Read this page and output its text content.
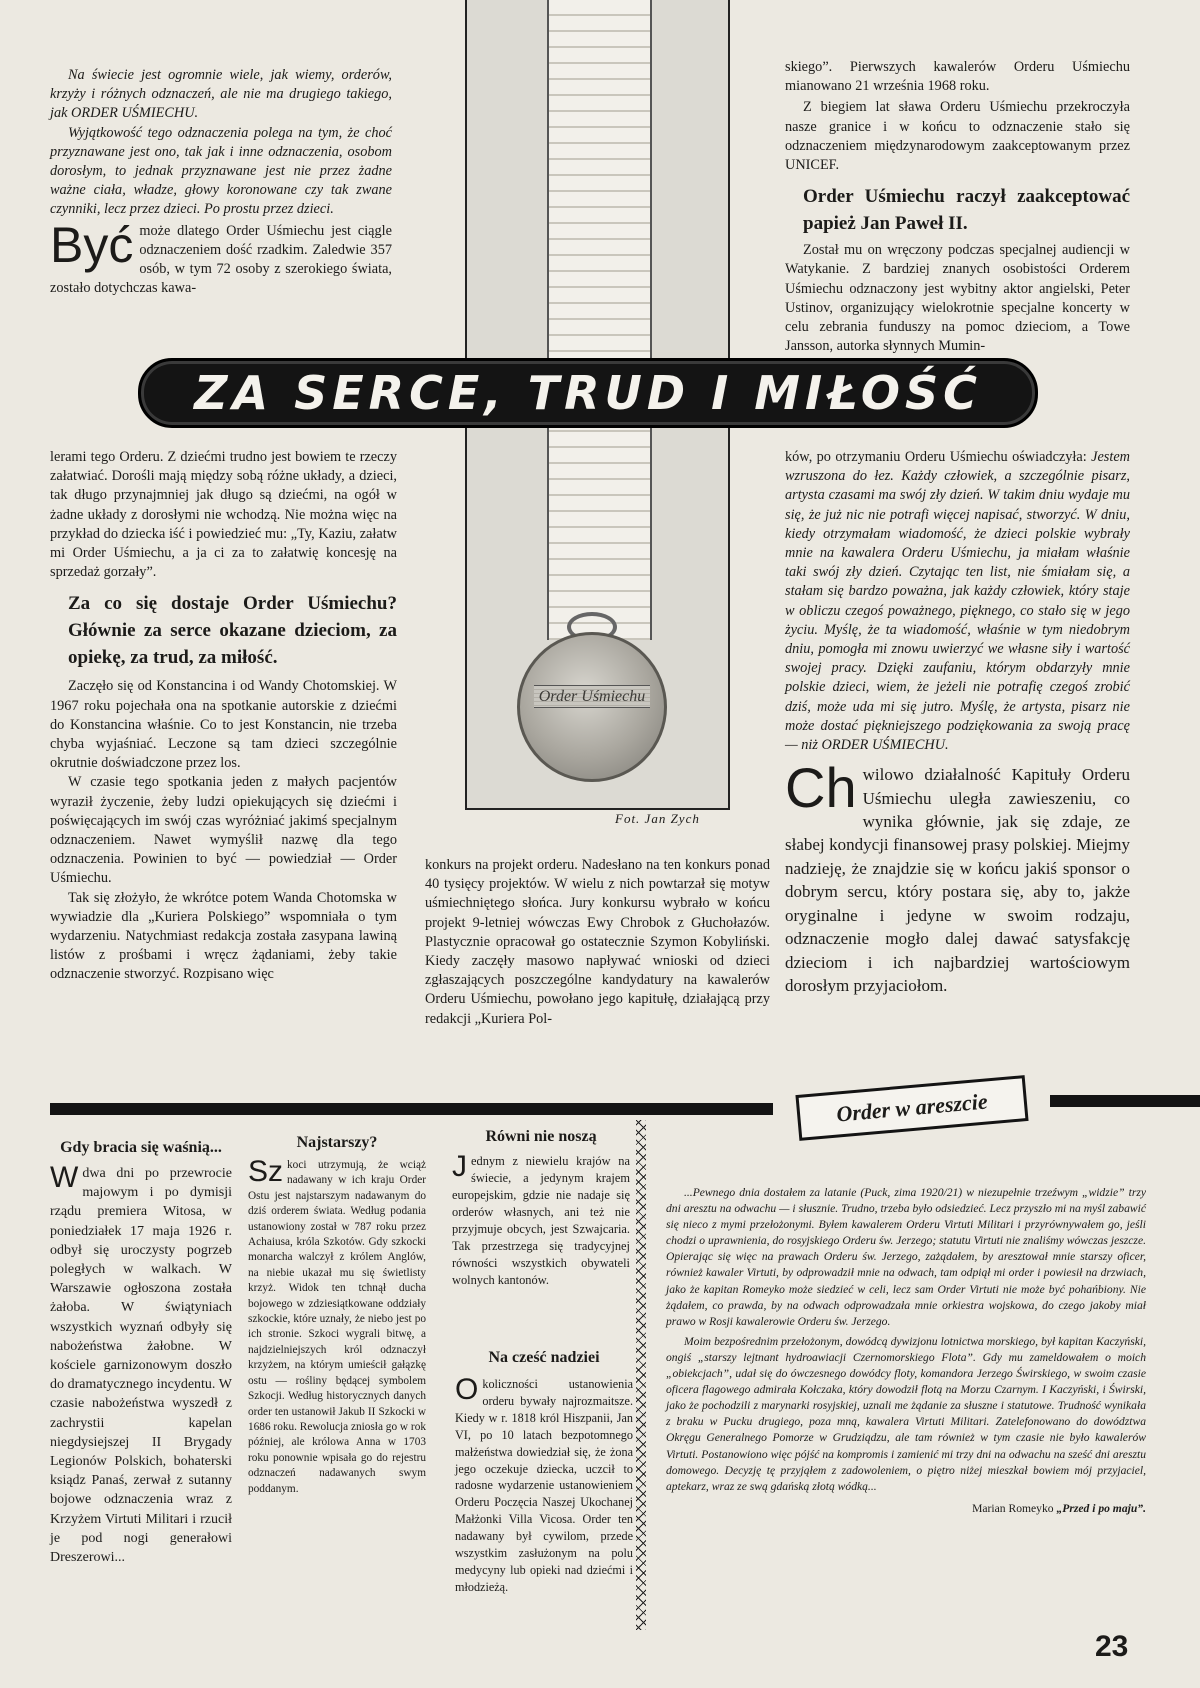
Na świecie jest ogromnie wiele, jak wiemy, orderów, krzyży i różnych odznaczeń, ale nie ma drugiego takiego, jak ORDER UŚMIECHU.

Wyjątkowość tego odznaczenia polega na tym, że choć przyznawane jest ono, tak jak i inne odznaczenia, osobom dorosłym, to jednak przyznawane jest nie przez żadne ważne ciała, władze, głowy koronowane czy tak zwane czynniki, lecz przez dzieci. Po prostu przez dzieci.

Być może dlatego Order Uśmiechu jest ciągle odznaczeniem dość rzadkim. Zaledwie 357 osób, w tym 72 osoby z szerokiego świata, zostało dotychczas kawa-

Order Uśmiechu
Fot. Jan Zych

skiego”. Pierwszych kawalerów Orderu Uśmiechu mianowano 21 września 1968 roku.

Z biegiem lat sława Orderu Uśmiechu przekroczyła nasze granice i w końcu to odznaczenie stało się odznaczeniem międzynarodowym zaakceptowanym przez UNICEF.

Order Uśmiechu raczył zaakceptować papież Jan Paweł II.

Został mu on wręczony podczas specjalnej audiencji w Watykanie. Z bardziej znanych osobistości Orderem Uśmiechu odznaczony jest wybitny aktor angielski, Peter Ustinov, organizujący wielokrotnie specjalne koncerty w celu zebrania funduszy na pomoc dzieciom, a Towe Jansson, autorka słynnych Mumin-

ZA SERCE, TRUD I MIŁOŚĆ

lerami tego Orderu. Z dziećmi trudno jest bowiem te rzeczy załatwiać. Dorośli mają między sobą różne układy, a dzieci, tak długo przynajmniej jak długo są dziećmi, na ogół w żadne układy z dorosłymi nie wchodzą. Nie można więc na przykład do dziecka iść i powiedzieć mu: „Ty, Kaziu, załatw mi Order Uśmiechu, a ja ci za to załatwię koncesję na sprzedaż gorzały”.

Za co się dostaje Order Uśmiechu? Głównie za serce okazane dzieciom, za opiekę, za trud, za miłość.

Zaczęło się od Konstancina i od Wandy Chotomskiej. W 1967 roku pojechała ona na spotkanie autorskie z dziećmi do Konstancina właśnie. Co to jest Konstancin, nie trzeba chyba wyjaśniać. Leczone są tam dzieci szczególnie okrutnie doświadczone przez los.

W czasie tego spotkania jeden z małych pacjentów wyraził życzenie, żeby ludzi opiekujących się dziećmi i poświęcających im swój czas wyróżniać jakimś specjalnym odznaczeniem. Nawet wymyślił nazwę dla tego odznaczenia. Powinien to być — powiedział — Order Uśmiechu.

Tak się złożyło, że wkrótce potem Wanda Chotomska w wywiadzie dla „Kuriera Polskiego” wspomniała o tym wydarzeniu. Natychmiast redakcja została zasypana lawiną listów z prośbami i wręcz żądaniami, żeby takie odznaczenie stworzyć. Rozpisano więc

konkurs na projekt orderu. Nadesłano na ten konkurs ponad 40 tysięcy projektów. W wielu z nich powtarzał się motyw uśmiechniętego słońca. Jury konkursu wybrało w końcu projekt 9-letniej wówczas Ewy Chrobok z Głuchołazów. Plastycznie opracował go ostatecznie Szymon Kobyliński. Kiedy zaczęły masowo napływać wnioski od dzieci zgłaszających poszczególne kandydatury na kawalerów Orderu Uśmiechu, powołano jego kapitułę, działającą przy redakcji „Kuriera Pol-

ków, po otrzymaniu Orderu Uśmiechu oświadczyła: Jestem wzruszona do łez. Każdy człowiek, a szczególnie pisarz, artysta czasami ma swój zły dzień. W takim dniu wydaje mu się, że już nic nie potrafi więcej napisać, stworzyć. W dniu, kiedy otrzymałam wiadomość, że dzieci polskie wybrały mnie na kawalera Orderu Uśmiechu, ja miałam właśnie taki swój zły dzień. Czytając ten list, nie śmiałam się, a stałam się bardzo poważna, jak każdy człowiek, który staje w obliczu czegoś poważnego, pięknego, co stało się w jego życiu. Myślę, że ta wiadomość, właśnie w tym niedobrym dniu, pomogła mi znowu uwierzyć we własne siły i wartość swojej pracy. Dzięki zaufaniu, którym obdarzyły mnie polskie dzieci, wiem, że jeżeli nie potrafię czegoś zrobić dziś, może uda mi się jutro. Myślę, że artysta, pisarz nie może dostać piękniejszego podziękowania za swoją pracę — niż ORDER UŚMIECHU.

Ch wilowo działalność Kapituły Orderu Uśmiechu uległa zawieszeniu, co wynika głównie, jak się zdaje, ze słabej kondycji finansowej prasy polskiej. Miejmy nadzieję, że znajdzie się w końcu jakiś sponsor o dobrym sercu, który postara się, aby to, jakże oryginalne i jedyne w swoim rodzaju, odznaczenie mogło dalej dawać satysfakcję dzieciom i ich najbardziej wartościowym dorosłym przyjaciołom.

Order w areszcie
Gdy bracia się waśnią...

Wdwa dni po przewrocie majowym i po dymisji rządu premiera Witosa, w poniedziałek 17 maja 1926 r. odbył się uroczysty pogrzeb poległych w walkach. W Warszawie ogłoszona została żałoba. W świątyniach wszystkich wyznań odbyły się nabożeństwa żałobne. W kościele garnizonowym doszło do dramatycznego incydentu. W czasie nabożeństwa wyszedł z zachrystii kapelan niegdysiejszej II Brygady Legionów Polskich, bohaterski ksiądz Panaś, zerwał z sutanny bojowe odznaczenia wraz z Krzyżem Virtuti Militari i rzucił je pod nogi generałowi Dreszerowi...

Najstarszy?

Sz koci utrzymują, że wciąż nadawany w ich kraju Order Ostu jest najstarszym nadawanym do dziś orderem świata. Według podania ustanowiony został w 787 roku przez Achaiusa, króla Szkotów. Gdy szkocki monarcha walczył z królem Anglów, na niebie ukazał mu się świetlisty krzyż. Widok ten tchnął ducha bojowego w zdziesiątkowane oddziały szkockie, które uznały, że niebo jest po ich stronie. Szkoci wygrali bitwę, a najdzielniejszych król odznaczył krzyżem, na którym umieścił gałązkę ostu — rośliny będącej symbolem Szkocji. Według historycznych danych order ten ustanowił Jakub II Szkocki w 1686 roku. Rewolucja zniosła go w rok później, ale królowa Anna w 1703 roku ponownie wpisała go do rejestru odznaczeń nadawanych swym poddanym.

Równi nie noszą

Jednym z niewielu krajów na świecie, a jedynym krajem europejskim, gdzie nie nadaje się orderów własnych, ani też nie przyjmuje obcych, jest Szwajcaria. Tak przestrzega się tradycyjnej równości wszystkich obywateli wolnych kantonów.

Na cześć nadziei

Okoliczności ustanowienia orderu bywały najrozmaitsze. Kiedy w r. 1818 król Hiszpanii, Jan VI, po 10 latach bezpotomnego małżeństwa dowiedział się, że żona jego oczekuje dziecka, uczcił to radosne wydarzenie ustanowieniem Orderu Poczęcia Naszej Ukochanej Małżonki Villa Vicosa. Order ten nadawany był cywilom, przede wszystkim zasłużonym na polu medycyny lub opieki nad dziećmi i młodzieżą.

...Pewnego dnia dostałem za latanie (Puck, zima 1920/21) w niezupełnie trzeźwym „widzie” trzy dni aresztu na odwachu — i słusznie. Trudno, trzeba było odsiedzieć. Lecz przyszło mi na myśl zabawić się nieco z mymi przełożonymi. Byłem kawalerem Orderu Virtuti Militari i przyrównywałem go, jeśli chodzi o uprawnienia, do rosyjskiego Orderu św. Jerzego; statutu Virtuti nie znaliśmy wówczas jeszcze. Opierając się więc na prawach Orderu św. Jerzego, zażądałem, by aresztował mnie starszy oficer, również kawaler Virtuti, by odprowadził mnie na odwach, tam odpiął mi order i powiesił na drzwiach, jako że kapitan Romeyko może siedzieć w celi, lecz sam Order Virtuti nie może być pohańbiony. Nie żądałem, co prawda, by na odwach odprowadzała mnie orkiestra wojskowa, do czego jakoby miał prawo w Rosji kawalerowie Orderu św. Jerzego.

Moim bezpośrednim przełożonym, dowódcą dywizjonu lotnictwa morskiego, był kapitan Kaczyński, ongiś „starszy lejtnant hydroawiacji Czernomorskiego Flota”. Gdy mu zameldowałem o moich „obiekcjach”, udał się do ówczesnego dowódcy floty, komandora Jerzego Świrskiego, w swoim czasie oficera flagowego admirała Kołczaka, który dowodził flotą na Morzu Czarnym. I Kaczyński, i Świrski, jako że pochodzili z marynarki rosyjskiej, uznali me żądanie za słuszne i statutowe. Trudność wynikała z braku w Pucku drugiego, poza mną, kawalera Virtuti Militari. Zatelefonowano do dowództwa Okręgu Generalnego Pomorze w Grudziądzu, ale tam również w tym czasie nie było kawalerów Virtuti. Postanowiono więc pójść na kompromis i zamienić mi trzy dni na odwachu na sześć dni aresztu domowego. Decyzję tę przyjąłem z zadowoleniem, o piętro niżej mieszkał bowiem mój przyjaciel, aptekarz, wraz ze swą gdańską złotą wódką...

Marian Romeyko „Przed i po maju”.
23
